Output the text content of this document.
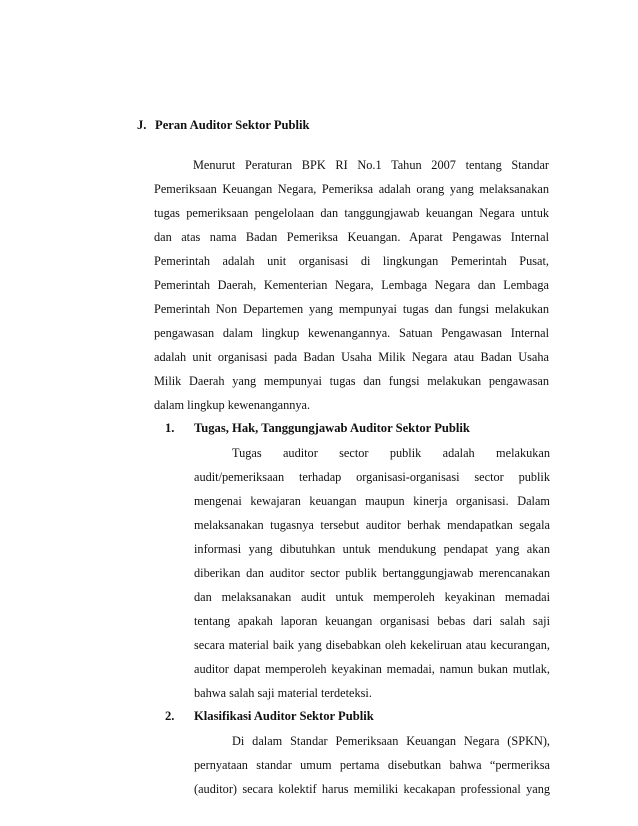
J. Peran Auditor Sektor Publik
Menurut Peraturan BPK RI No.1 Tahun 2007 tentang Standar
Pemeriksaan Keuangan Negara, Pemeriksa adalah orang yang melaksanakan
tugas pemeriksaan pengelolaan dan tanggungjawab keuangan Negara untuk
dan atas nama Badan Pemeriksa Keuangan. Aparat Pengawas Internal
Pemerintah adalah unit organisasi di lingkungan Pemerintah Pusat,
Pemerintah Daerah, Kementerian Negara, Lembaga Negara dan Lembaga
Pemerintah Non Departemen yang mempunyai tugas dan fungsi melakukan
pengawasan dalam lingkup kewenangannya. Satuan Pengawasan Internal
adalah unit organisasi pada Badan Usaha Milik Negara atau Badan Usaha
Milik Daerah yang mempunyai tugas dan fungsi melakukan pengawasan
dalam lingkup kewenangannya.
1. Tugas, Hak, Tanggungjawab Auditor Sektor Publik
Tugas auditor sector publik adalah melakukan
audit/pemeriksaan terhadap organisasi-organisasi sector publik
mengenai kewajaran keuangan maupun kinerja organisasi. Dalam
melaksanakan tugasnya tersebut auditor berhak mendapatkan segala
informasi yang dibutuhkan untuk mendukung pendapat yang akan
diberikan dan auditor sector publik bertanggungjawab merencanakan
dan melaksanakan audit untuk memperoleh keyakinan memadai
tentang apakah laporan keuangan organisasi bebas dari salah saji
secara material baik yang disebabkan oleh kekeliruan atau kecurangan,
auditor dapat memperoleh keyakinan memadai, namun bukan mutlak,
bahwa salah saji material terdeteksi.
2. Klasifikasi Auditor Sektor Publik
Di dalam Standar Pemeriksaan Keuangan Negara (SPKN),
pernyataan standar umum pertama disebutkan bahwa “permeriksa
(auditor) secara kolektif harus memiliki kecakapan professional yang
